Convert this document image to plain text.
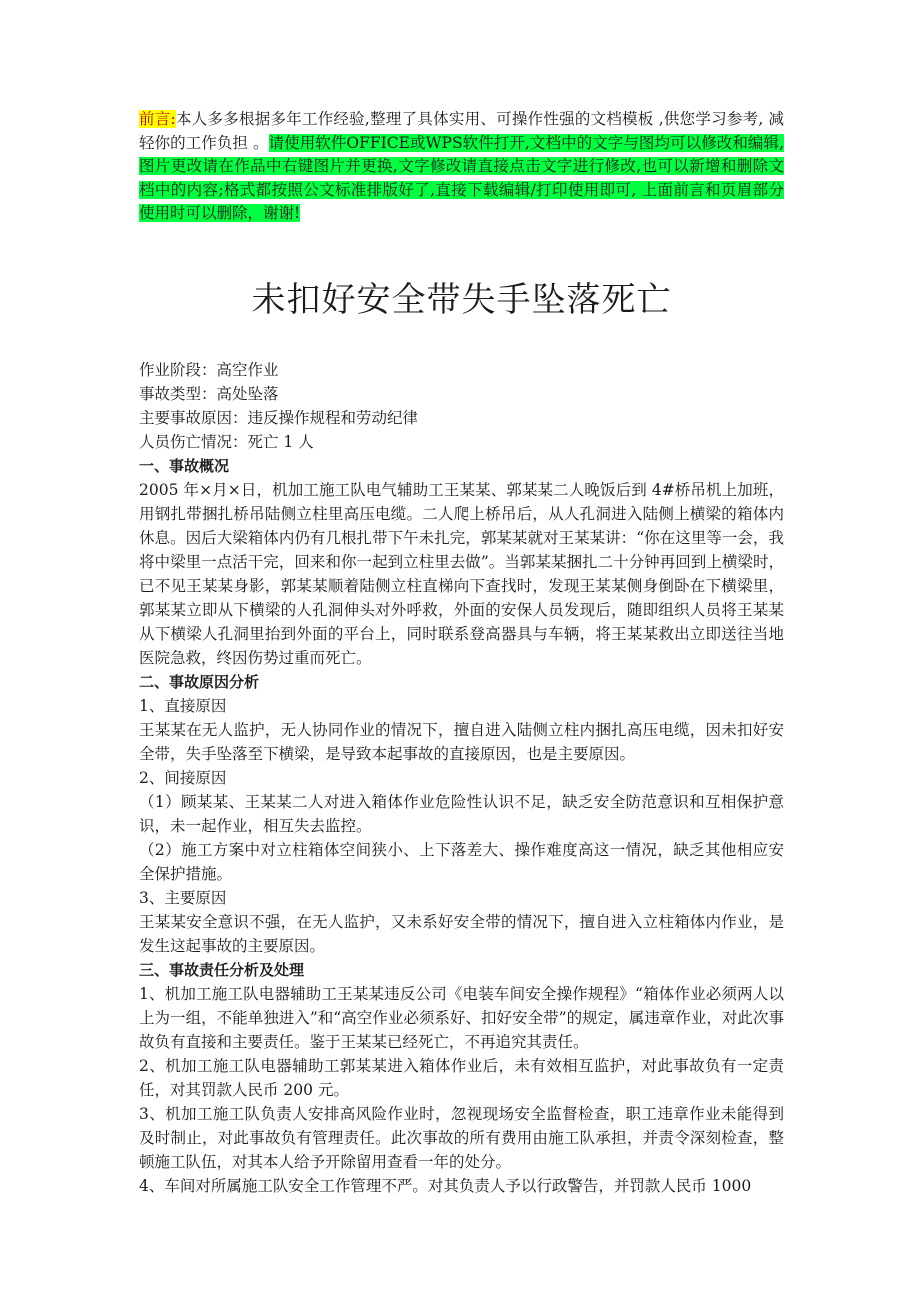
前言:本人多多根据多年工作经验,整理了具体实用、可操作性强的文档模板 ,供您学习参考, 减轻你的工作负担 。请使用软件OFFICE或WPS软件打开,文档中的文字与图均可以修改和编辑,图片更改请在作品中右键图片并更换,文字修改请直接点击文字进行修改,也可以新增和删除文档中的内容;格式都按照公文标准排版好了,直接下载编辑/打印使用即可, 上面前言和页眉部分使用时可以删除，谢谢!

未扣好安全带失手坠落死亡

作业阶段：高空作业

事故类型：高处坠落

主要事故原因：违反操作规程和劳动纪律

人员伤亡情况：死亡 1 人

一、事故概况

2005 年×月×日，机加工施工队电气辅助工王某某、郭某某二人晚饭后到 4#桥吊机上加班，用钢扎带捆扎桥吊陆侧立柱里高压电缆。二人爬上桥吊后，从人孔洞进入陆侧上横梁的箱体内休息。因后大梁箱体内仍有几根扎带下午未扎完，郭某某就对王某某讲：“你在这里等一会，我将中梁里一点活干完，回来和你一起到立柱里去做”。当郭某某捆扎二十分钟再回到上横梁时，已不见王某某身影，郭某某顺着陆侧立柱直梯向下查找时，发现王某某侧身倒卧在下横梁里，郭某某立即从下横梁的人孔洞伸头对外呼救，外面的安保人员发现后，随即组织人员将王某某从下横梁人孔洞里抬到外面的平台上，同时联系登高器具与车辆，将王某某救出立即送往当地医院急救，终因伤势过重而死亡。

二、事故原因分析

1、直接原因

王某某在无人监护，无人协同作业的情况下，擅自进入陆侧立柱内捆扎高压电缆，因未扣好安全带，失手坠落至下横梁，是导致本起事故的直接原因，也是主要原因。

2、间接原因

（1）顾某某、王某某二人对进入箱体作业危险性认识不足，缺乏安全防范意识和互相保护意识，未一起作业，相互失去监控。

（2）施工方案中对立柱箱体空间狭小、上下落差大、操作难度高这一情况，缺乏其他相应安全保护措施。

3、主要原因

王某某安全意识不强，在无人监护，又未系好安全带的情况下，擅自进入立柱箱体内作业，是发生这起事故的主要原因。

三、事故责任分析及处理

1、机加工施工队电器辅助工王某某违反公司《电装车间安全操作规程》“箱体作业必须两人以上为一组，不能单独进入”和“高空作业必须系好、扣好安全带”的规定，属违章作业，对此次事故负有直接和主要责任。鉴于王某某已经死亡，不再追究其责任。

2、机加工施工队电器辅助工郭某某进入箱体作业后，未有效相互监护，对此事故负有一定责任，对其罚款人民币 200 元。

3、机加工施工队负责人安排高风险作业时，忽视现场安全监督检查，职工违章作业未能得到及时制止，对此事故负有管理责任。此次事故的所有费用由施工队承担，并责令深刻检查，整顿施工队伍，对其本人给予开除留用查看一年的处分。

4、车间对所属施工队安全工作管理不严。对其负责人予以行政警告，并罚款人民币 1000
